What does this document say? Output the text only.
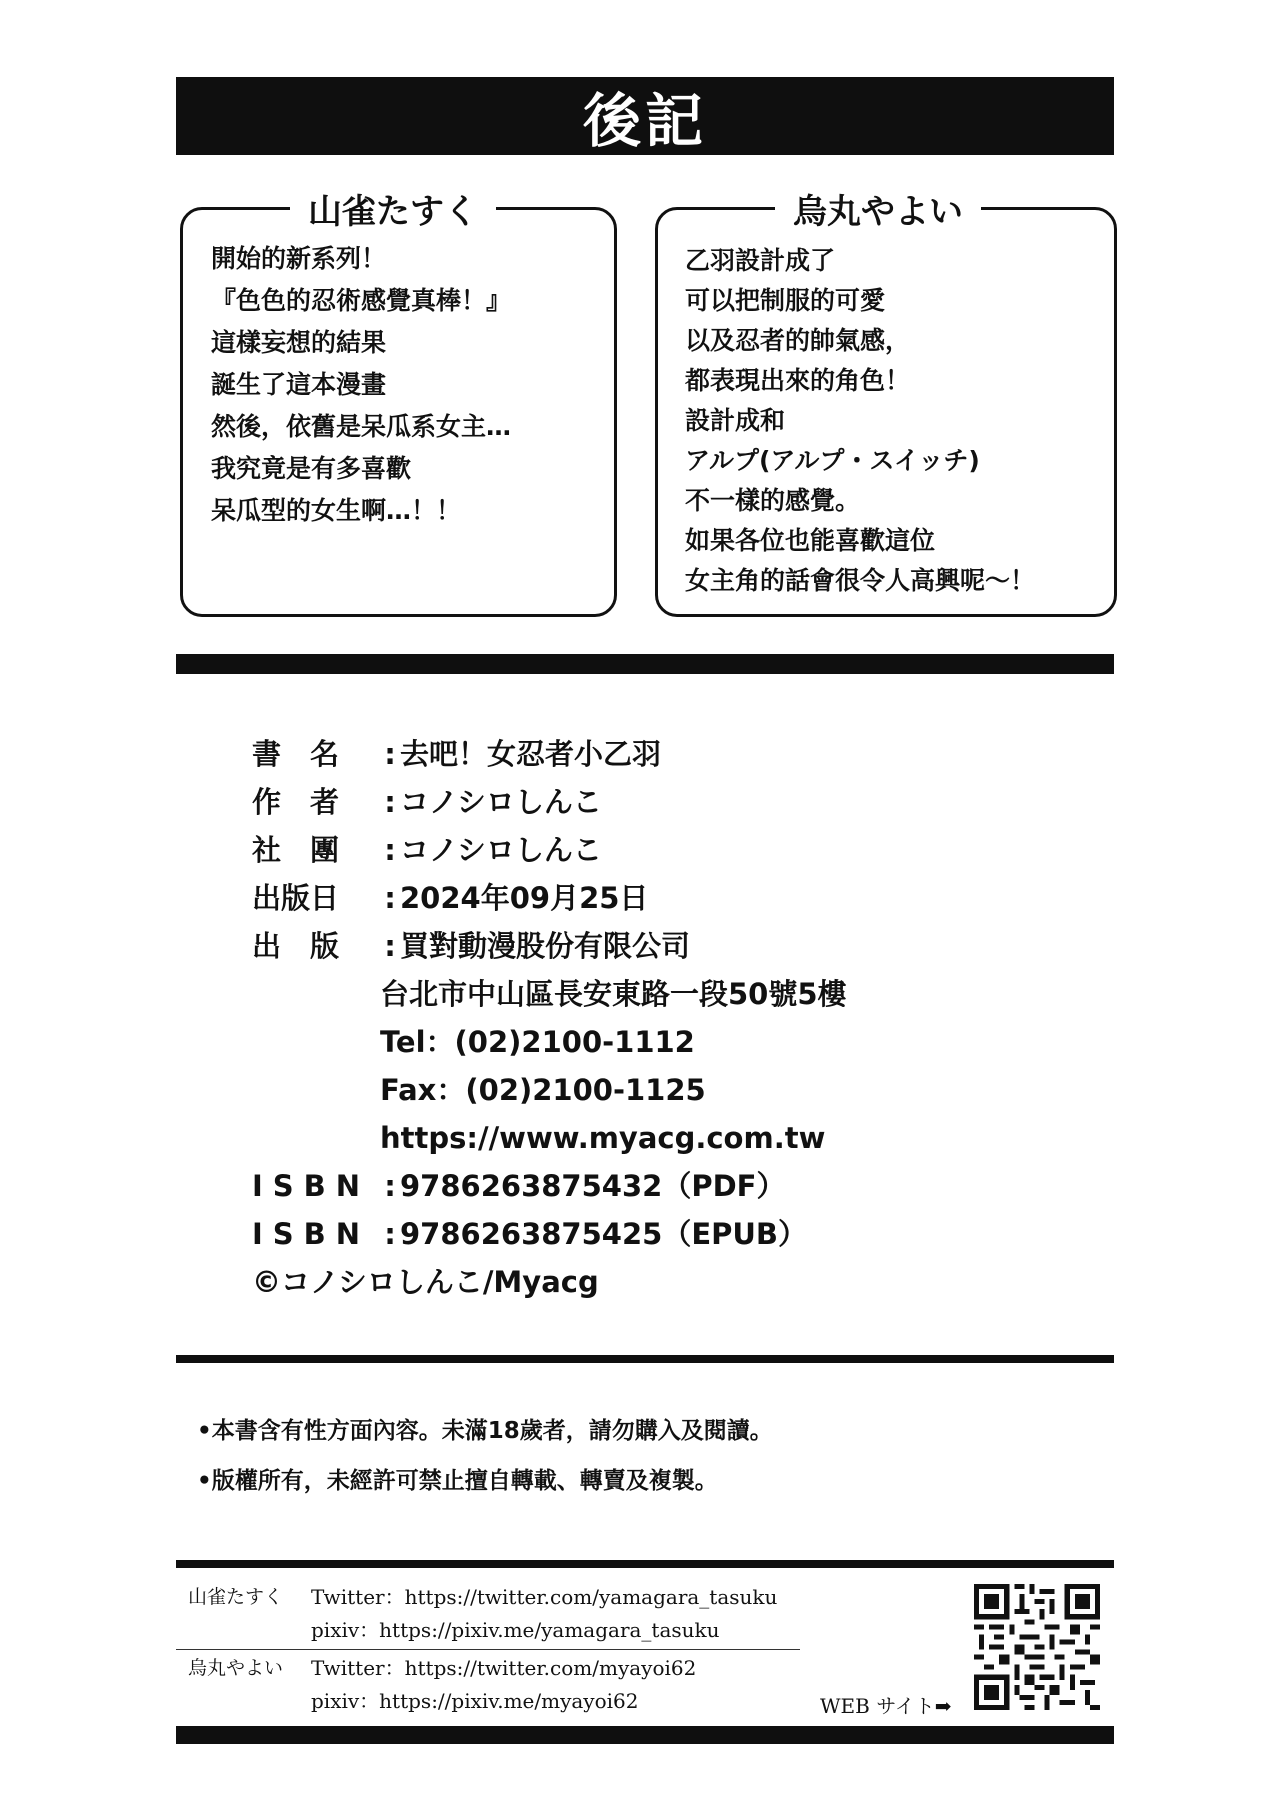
後記
山雀たすく
開始的新系列！
『色色的忍術感覺真棒！』
這樣妄想的結果
誕生了這本漫畫
然後，依舊是呆瓜系女主…
我究竟是有多喜歡
呆瓜型的女生啊…！！
烏丸やよい
乙羽設計成了
可以把制服的可愛
以及忍者的帥氣感，
都表現出來的角色！
設計成和
アルプ(アルプ・スイッチ)
不一樣的感覺。
如果各位也能喜歡這位
女主角的話會很令人高興呢～！
書　名 : 去吧！女忍者小乙羽
作　者 : コノシロしんこ
社　團 : コノシロしんこ
出版日 : 2024年09月25日
出　版 : 買對動漫股份有限公司
台北市中山區長安東路一段50號5樓
Tel：(02)2100-1112
Fax：(02)2100-1125
https://www.myacg.com.tw
ISBN : 9786263875432（PDF）
ISBN : 9786263875425（EPUB）
©コノシロしんこ/Myacg
•本書含有性方面內容。未滿18歲者，請勿購入及閱讀。
•版權所有，未經許可禁止擅自轉載、轉賣及複製。
山雀たすく Twitter：https://twitter.com/yamagara_tasuku
pixiv：https://pixiv.me/yamagara_tasuku
烏丸やよい Twitter：https://twitter.com/myayoi62
pixiv：https://pixiv.me/myayoi62	WEB サイト➡
